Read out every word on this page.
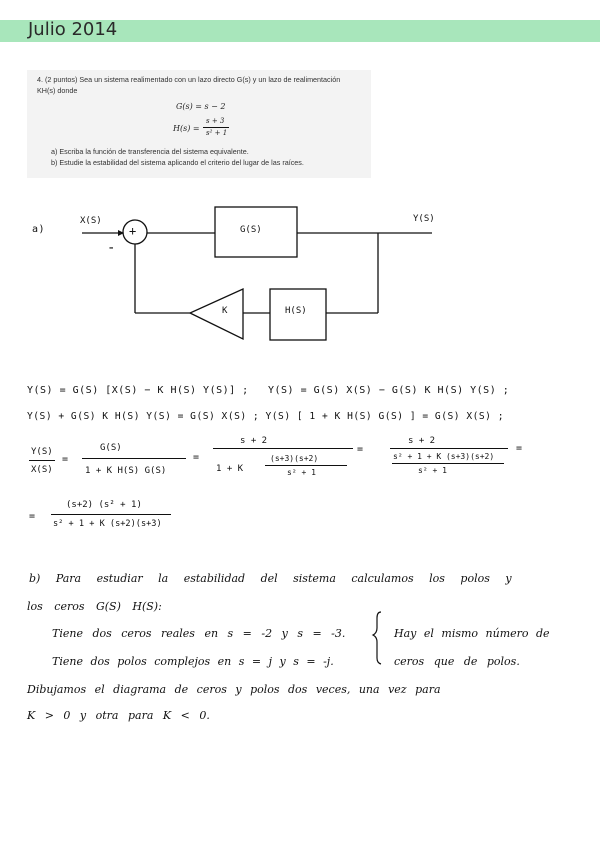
Julio 2014
4. (2 puntos) Sea un sistema realimentado con un lazo directo G(s) y un lazo de realimentación
KH(s) donde
G(s) = s − 2
H(s) =
s + 3
s² + 1
a) Escriba la función de transferencia del sistema equivalente.
b) Estudie la estabilidad del sistema aplicando el criterio del lugar de las raíces.
a)
X(S)	Y(S)
+
-
G(S)
K	H(S)
Y(S) = G(S) [X(S) − K H(S) Y(S)] ; Y(S) = G(S) X(S) − G(S) K H(S) Y(S) ;
Y(S) + G(S) K H(S) Y(S) = G(S) X(S) ; Y(S) [ 1 + K H(S) G(S) ] = G(S) X(S) ;
Y(S)
X(S)
=
G(S)
1 + K H(S) G(S)
=
s + 2
1 + K
(s+3)(s+2)
s² + 1
=
s + 2
s² + 1 + K (s+3)(s+2)
s² + 1
=
=
(s+2) (s² + 1)
s² + 1 + K (s+2)(s+3)
b) Para estudiar la estabilidad del sistema calculamos los polos y
los ceros G(S) H(S):
Tiene dos ceros reales en s = -2 y s = -3.
Tiene dos polos complejos en s = j y s = -j.
Hay el mismo número de
ceros que de polos.
Dibujamos el diagrama de ceros y polos dos veces, una vez para
K > 0 y otra para K < 0.
